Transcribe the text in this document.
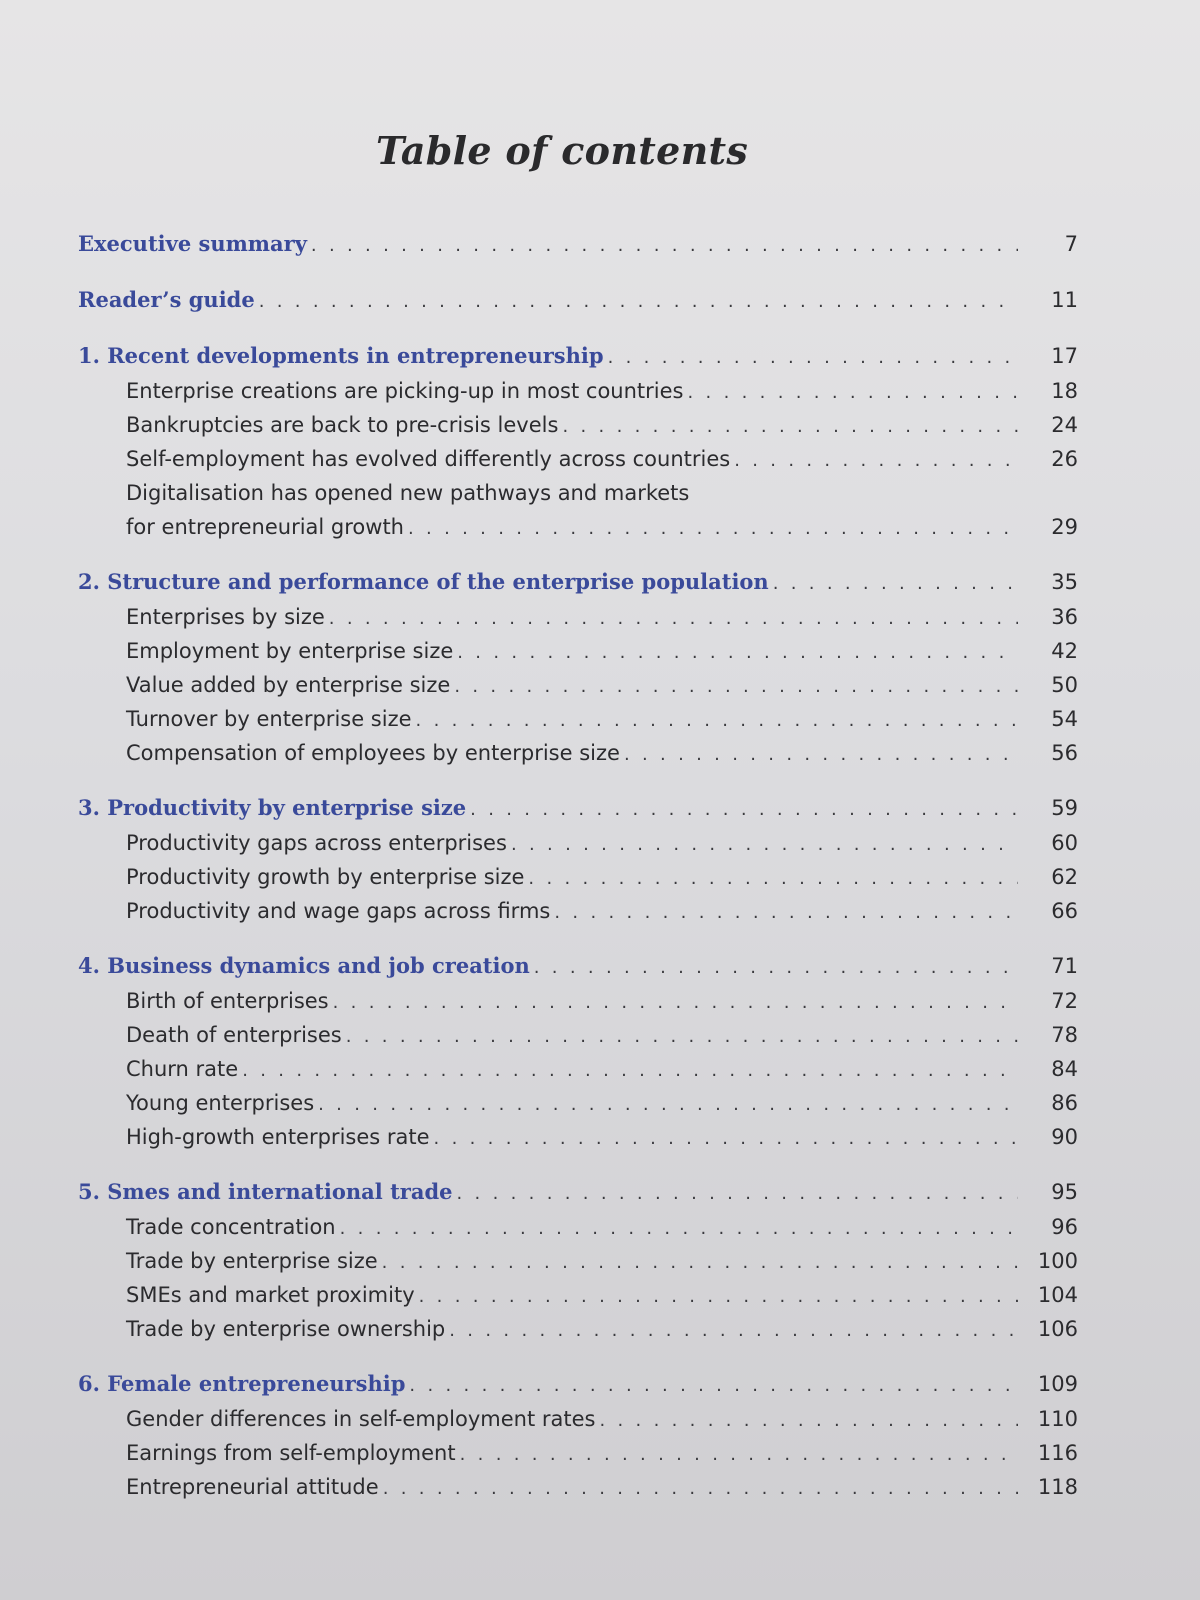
Table of contents
Executive summary . . .	7
Reader’s guide . . .	11
1. Recent developments in entrepreneurship . . .	17
Enterprise creations are picking-up in most countries . . .	18
Bankruptcies are back to pre-crisis levels . . .	24
Self-employment has evolved differently across countries . . .	26
Digitalisation has opened new pathways and markets
for entrepreneurial growth . . .	29
2. Structure and performance of the enterprise population . . .	35
Enterprises by size . . .	36
Employment by enterprise size . . .	42
Value added by enterprise size . . .	50
Turnover by enterprise size . . .	54
Compensation of employees by enterprise size . . .	56
3. Productivity by enterprise size . . .	59
Productivity gaps across enterprises . . .	60
Productivity growth by enterprise size . . .	62
Productivity and wage gaps across firms . . .	66
4. Business dynamics and job creation . . .	71
Birth of enterprises . . .	72
Death of enterprises . . .	78
Churn rate . . .	84
Young enterprises . . .	86
High-growth enterprises rate . . .	90
5. Smes and international trade . . .	95
Trade concentration . . .	96
Trade by enterprise size . . .	100
SMEs and market proximity . . .	104
Trade by enterprise ownership . . .	106
6. Female entrepreneurship . . .	109
Gender differences in self-employment rates . . .	110
Earnings from self-employment . . .	116
Entrepreneurial attitude . . .	118
